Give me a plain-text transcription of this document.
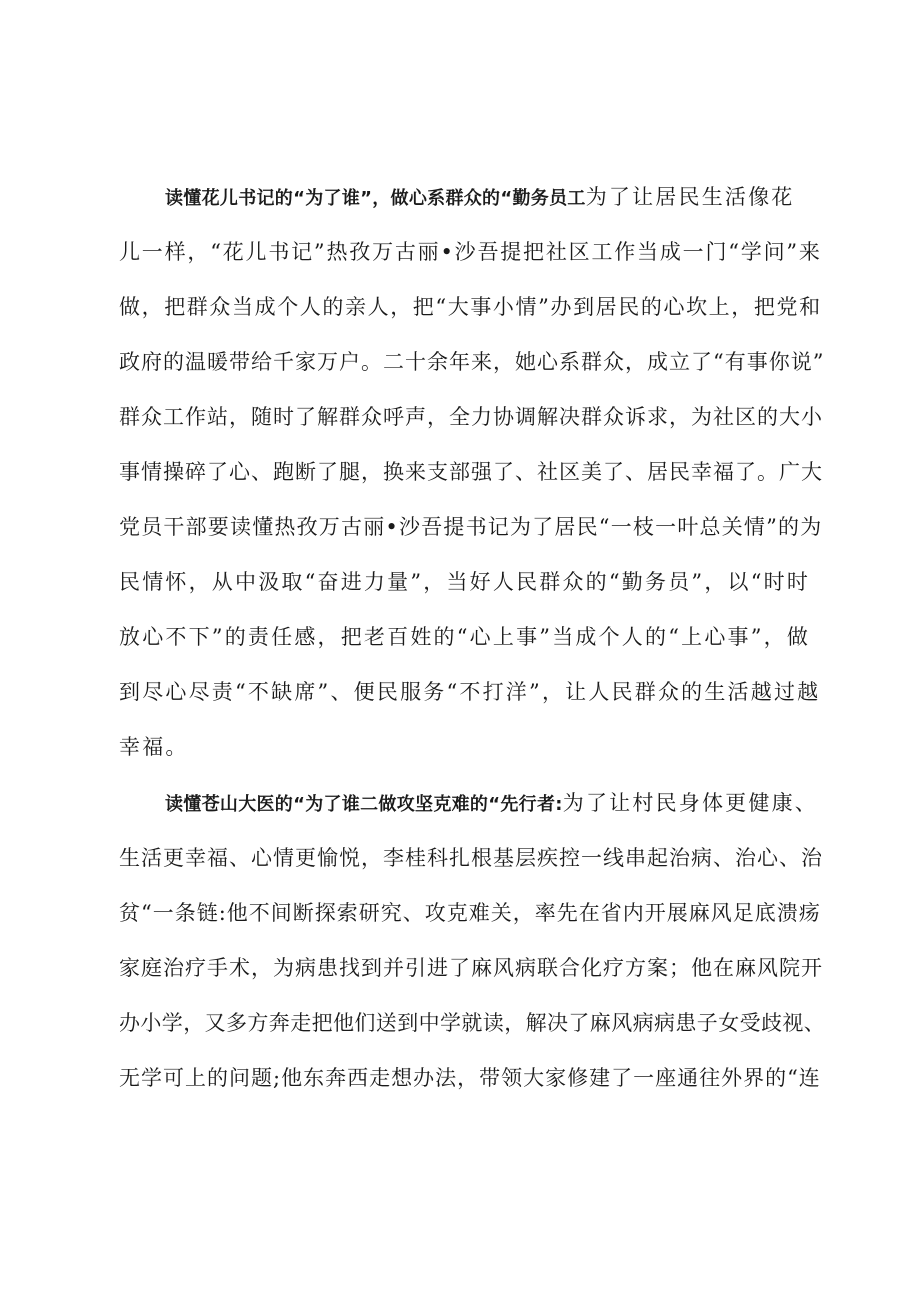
读懂花儿书记的“为了谁”，做心系群众的“勤务员工为了让居民生活像花
儿一样，“花儿书记”热孜万古丽•沙吾提把社区工作当成一门“学问”来
做，把群众当成个人的亲人，把“大事小情”办到居民的心坎上，把党和
政府的温暖带给千家万户。二十余年来，她心系群众，成立了“有事你说”
群众工作站，随时了解群众呼声，全力协调解决群众诉求，为社区的大小
事情操碎了心、跑断了腿，换来支部强了、社区美了、居民幸福了。广大
党员干部要读懂热孜万古丽•沙吾提书记为了居民“一枝一叶总关情”的为
民情怀，从中汲取“奋进力量”，当好人民群众的“勤务员”，以“时时
放心不下”的责任感，把老百姓的“心上事”当成个人的“上心事”，做
到尽心尽责“不缺席”、便民服务“不打洋”，让人民群众的生活越过越
幸福。
读懂苍山大医的“为了谁二做攻坚克难的“先行者:为了让村民身体更健康、
生活更幸福、心情更愉悦，李桂科扎根基层疾控一线串起治病、治心、治
贫“一条链:他不间断探索研究、攻克难关，率先在省内开展麻风足底溃疡
家庭治疗手术，为病患找到并引进了麻风病联合化疗方案；他在麻风院开
办小学，又多方奔走把他们送到中学就读，解决了麻风病病患子女受歧视、
无学可上的问题;他东奔西走想办法，带领大家修建了一座通往外界的“连
